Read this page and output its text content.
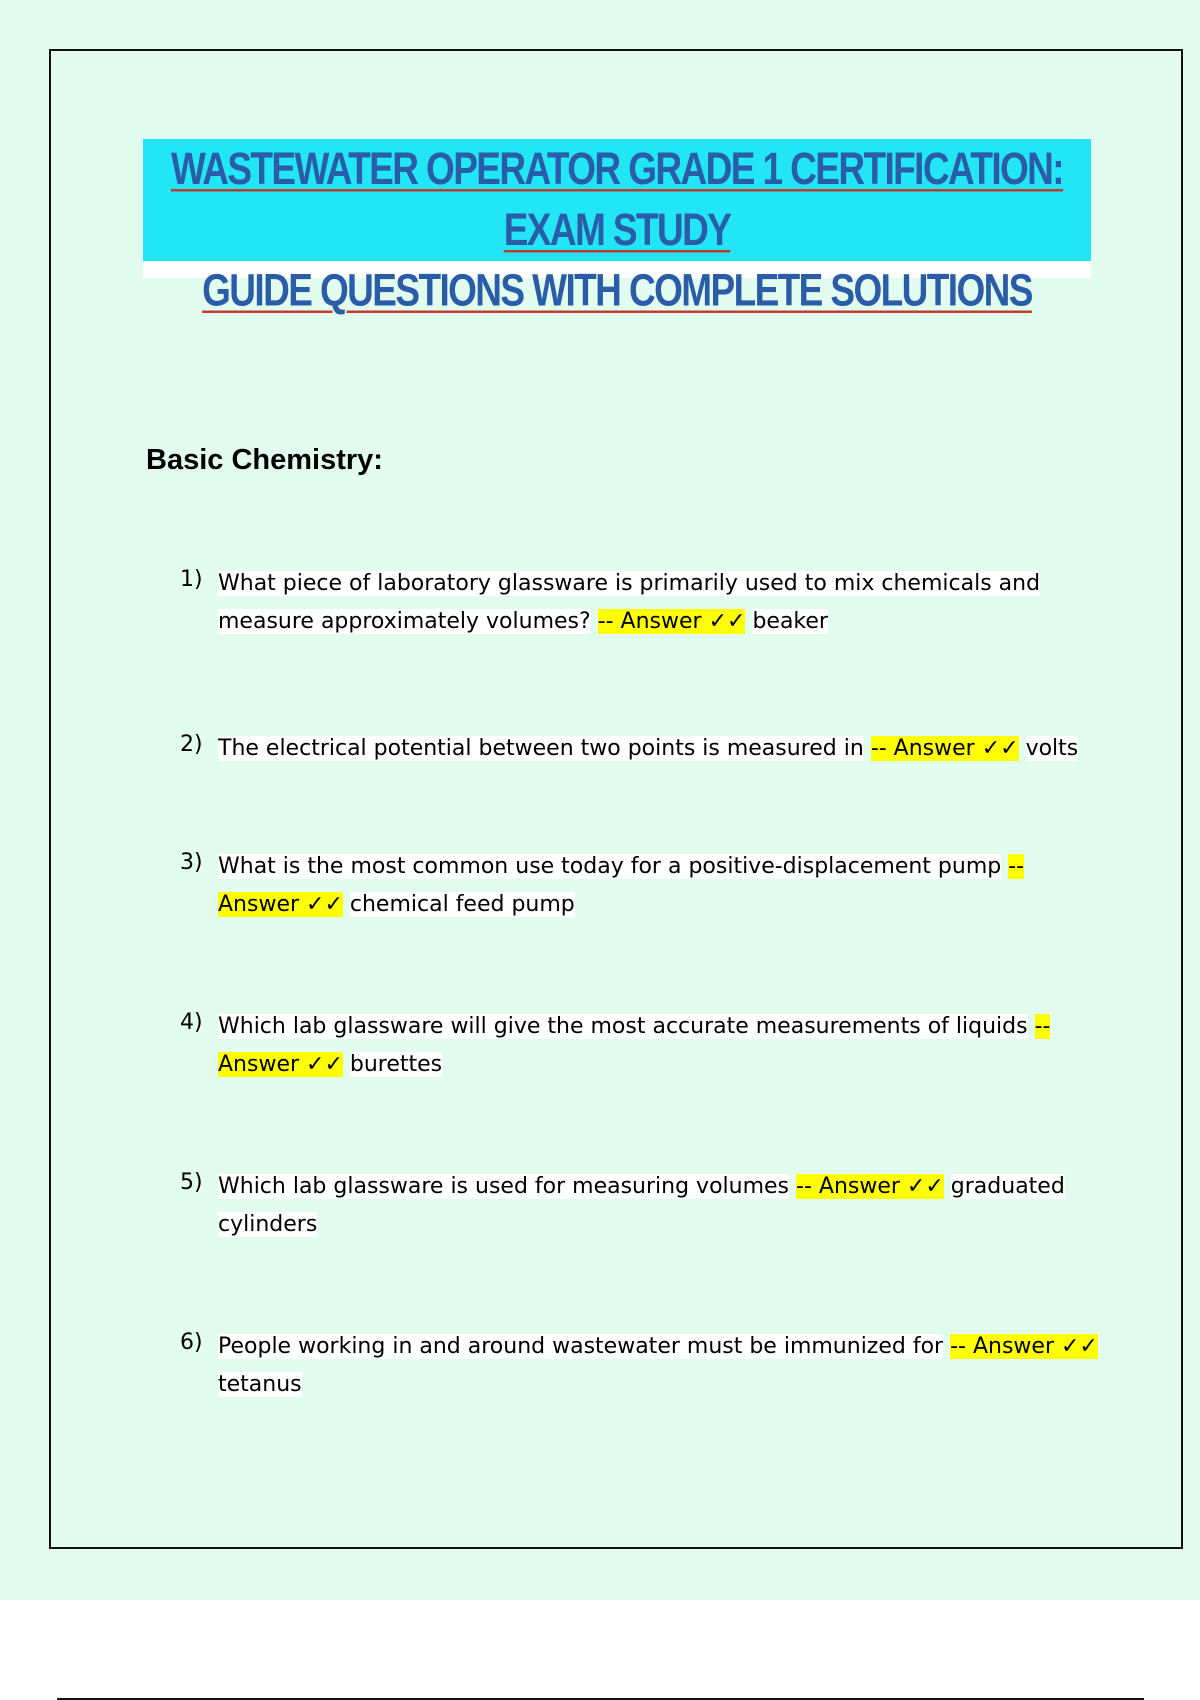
WASTEWATER OPERATOR GRADE 1 CERTIFICATION: EXAM STUDY
GUIDE QUESTIONS WITH COMPLETE SOLUTIONS
Basic Chemistry:
1) What piece of laboratory glassware is primarily used to mix chemicals and measure approximately volumes? -- Answer ✓✓ beaker
2) The electrical potential between two points is measured in -- Answer ✓✓ volts
3) What is the most common use today for a positive-displacement pump -- Answer ✓✓ chemical feed pump
4) Which lab glassware will give the most accurate measurements of liquids -- Answer ✓✓ burettes
5) Which lab glassware is used for measuring volumes -- Answer ✓✓ graduated cylinders
6) People working in and around wastewater must be immunized for -- Answer ✓✓ tetanus
